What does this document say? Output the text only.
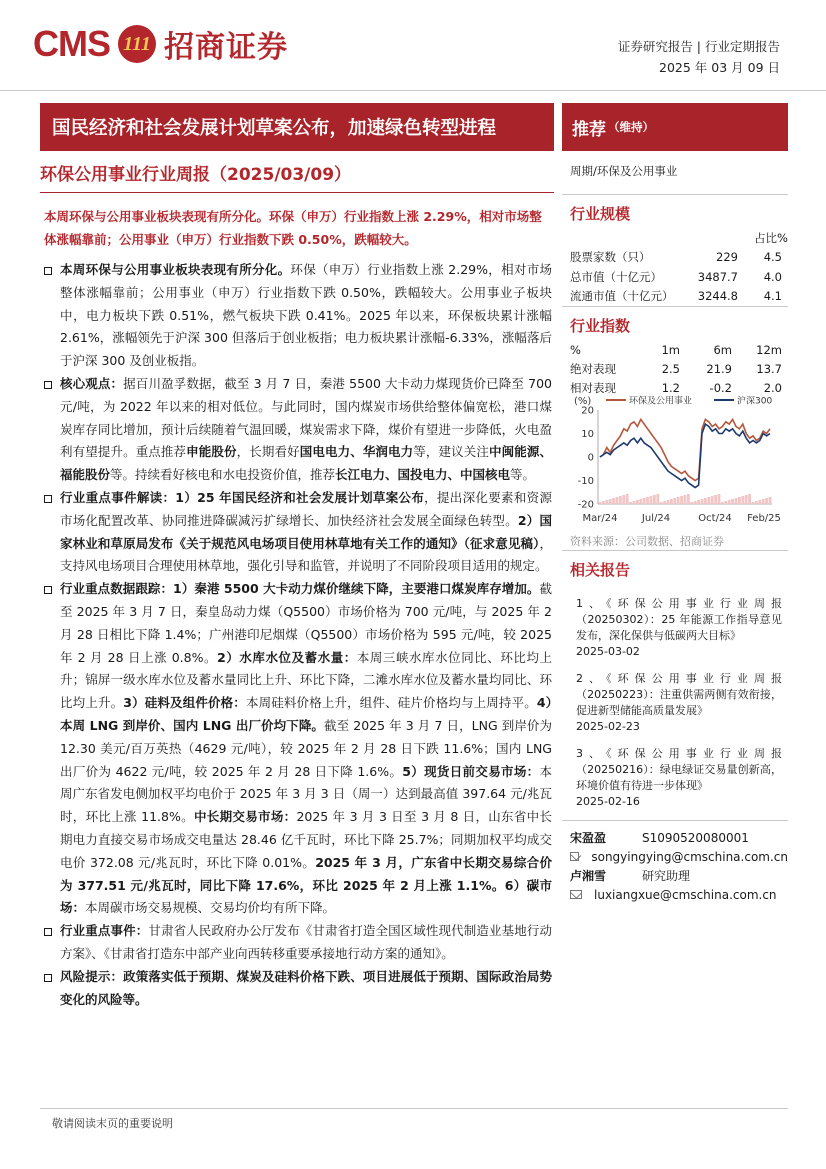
CMS 111 招商证券	证券研究报告 | 行业定期报告
2025 年 03 月 09 日
国民经济和社会发展计划草案公布，加速绿色转型进程	推荐 （维持）
环保公用事业行业周报（2025/03/09）
本周环保与公用事业板块表现有所分化。环保（申万）行业指数上涨 2.29%，相对市场整体涨幅靠前；公用事业（申万）行业指数下跌 0.50%，跌幅较大。
本周环保与公用事业板块表现有所分化。环保（申万）行业指数上涨 2.29%，相对市场整体涨幅靠前；公用事业（申万）行业指数下跌 0.50%，跌幅较大。公用事业子板块中，电力板块下跌 0.51%，燃气板块下跌 0.41%。2025 年以来，环保板块累计涨幅 2.61%，涨幅领先于沪深 300 但落后于创业板指；电力板块累计涨幅-6.33%，涨幅落后于沪深 300 及创业板指。
核心观点：据百川盈孚数据，截至 3 月 7 日，秦港 5500 大卡动力煤现货价已降至 700 元/吨，为 2022 年以来的相对低位。与此同时，国内煤炭市场供给整体偏宽松，港口煤炭库存同比增加，预计后续随着气温回暖，煤炭需求下降，煤价有望进一步降低，火电盈利有望提升。重点推荐申能股份，长期看好国电电力、华润电力等，建议关注中闽能源、福能股份等。持续看好核电和水电投资价值，推荐长江电力、国投电力、中国核电等。
行业重点事件解读：1）25 年国民经济和社会发展计划草案公布，提出深化要素和资源市场化配置改革、协同推进降碳减污扩绿增长、加快经济社会发展全面绿色转型。2）国家林业和草原局发布《关于规范风电场项目使用林草地有关工作的通知》（征求意见稿），支持风电场项目合理使用林草地，强化引导和监管，并说明了不同阶段项目适用的规定。
行业重点数据跟踪：1）秦港 5500 大卡动力煤价继续下降，主要港口煤炭库存增加。截至 2025 年 3 月 7 日，秦皇岛动力煤（Q5500）市场价格为 700 元/吨，与 2025 年 2 月 28 日相比下降 1.4%；广州港印尼烟煤（Q5500）市场价格为 595 元/吨，较 2025 年 2 月 28 日上涨 0.8%。2）水库水位及蓄水量：本周三峡水库水位同比、环比均上升；锦屏一级水库水位及蓄水量同比上升、环比下降，二滩水库水位及蓄水量均同比、环比均上升。3）硅料及组件价格：本周硅料价格上升，组件、硅片价格均与上周持平。4）本周 LNG 到岸价、国内 LNG 出厂价均下降。截至 2025 年 3 月 7 日，LNG 到岸价为 12.30 美元/百万英热（4629 元/吨），较 2025 年 2 月 28 日下跌 11.6%；国内 LNG 出厂价为 4622 元/吨，较 2025 年 2 月 28 日下降 1.6%。5）现货日前交易市场：本周广东省发电侧加权平均电价于 2025 年 3 月 3 日（周一）达到最高值 397.64 元/兆瓦时，环比上涨 11.8%。中长期交易市场：2025 年 3 月 3 日至 3 月 8 日，山东省中长期电力直接交易市场成交电量达 28.46 亿千瓦时，环比下降 25.7%；同期加权平均成交电价 372.08 元/兆瓦时，环比下降 0.01%。2025 年 3 月，广东省中长期交易综合价为 377.51 元/兆瓦时，同比下降 17.6%，环比 2025 年 2 月上涨 1.1%。6）碳市场：本周碳市场交易规模、交易均价均有所下降。
行业重点事件：甘肃省人民政府办公厅发布《甘肃省打造全国区域性现代制造业基地行动方案》、《甘肃省打造东中部产业向西转移重要承接地行动方案的通知》。
风险提示：政策落实低于预期、煤炭及硅料价格下跌、项目进展低于预期、国际政治局势变化的风险等。
周期/环保及公用事业
行业规模
占比%
股票家数（只）	229	4.5
总市值（十亿元）	3487.7	4.0
流通市值（十亿元）	3244.8	4.1
行业指数
%	1m	6m	12m
绝对表现	2.5	21.9	13.7
相对表现	1.2	-0.2	2.0
20
10
0
-10
-20
(%)
Mar/24 Jul/24	Oct/24 Feb/25
环保及公用事业	沪深300
资料来源：公司数据、招商证券
相关报告
1、《环保公用事业行业周报（20250302）：25 年能源工作指导意见发布，深化保供与低碳两大目标》
2025-03-02
2、《环保公用事业行业周报（20250223）：注重供需两侧有效衔接，促进新型储能高质量发展》
2025-02-23
3、《环保公用事业行业周报（20250216）：绿电绿证交易量创新高，环境价值有待进一步体现》
2025-02-16
宋盈盈	S1090520080001
songyingying@cmschina.com.cn
卢湘雪	研究助理
luxiangxue@cmschina.com.cn
敬请阅读末页的重要说明
